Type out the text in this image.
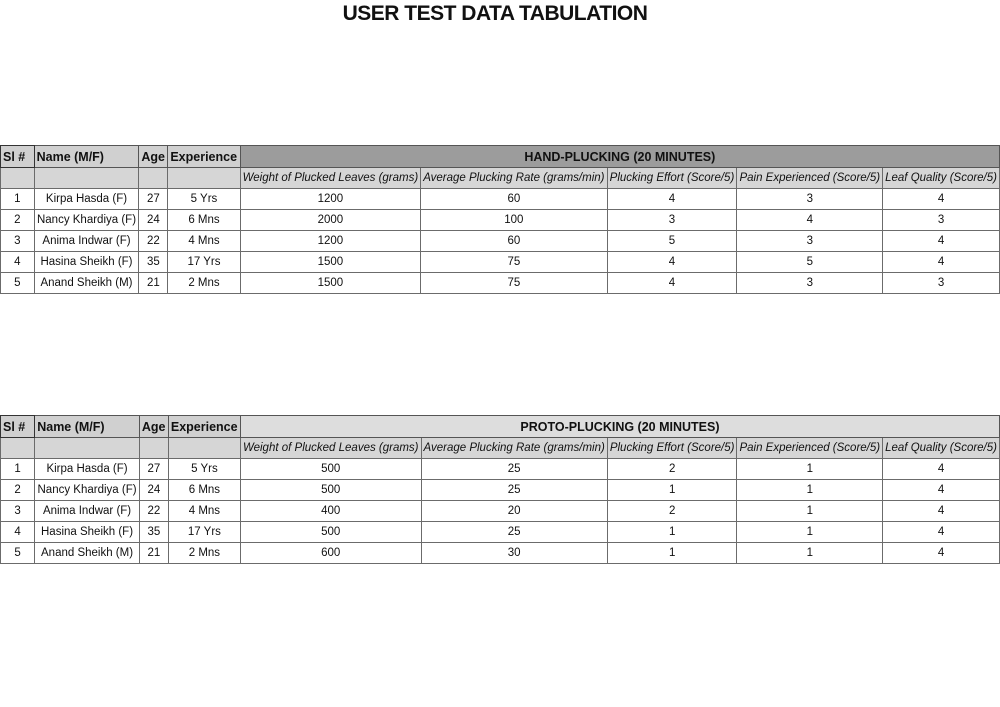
USER TEST DATA TABULATION
Sl #	Name (M/F)	Age	Experience	HAND-PLUCKING (20 MINUTES)				
				Weight of Plucked Leaves (grams)	Average Plucking Rate (grams/min)	Plucking Effort (Score/5)	Pain Experienced (Score/5)	Leaf Quality (Score/5)
1	Kirpa Hasda (F)	27	5 Yrs	1200	60	4	3	4
2	Nancy Khardiya (F)	24	6 Mns	2000	100	3	4	3
3	Anima Indwar (F)	22	4 Mns	1200	60	5	3	4
4	Hasina Sheikh (F)	35	17 Yrs	1500	75	4	5	4
5	Anand Sheikh (M)	21	2 Mns	1500	75	4	3	3
Sl #	Name (M/F)	Age	Experience	PROTO-PLUCKING (20 MINUTES)				
				Weight of Plucked Leaves (grams)	Average Plucking Rate (grams/min)	Plucking Effort (Score/5)	Pain Experienced (Score/5)	Leaf Quality (Score/5)
1	Kirpa Hasda (F)	27	5 Yrs	500	25	2	1	4
2	Nancy Khardiya (F)	24	6 Mns	500	25	1	1	4
3	Anima Indwar (F)	22	4 Mns	400	20	2	1	4
4	Hasina Sheikh (F)	35	17 Yrs	500	25	1	1	4
5	Anand Sheikh (M)	21	2 Mns	600	30	1	1	4
